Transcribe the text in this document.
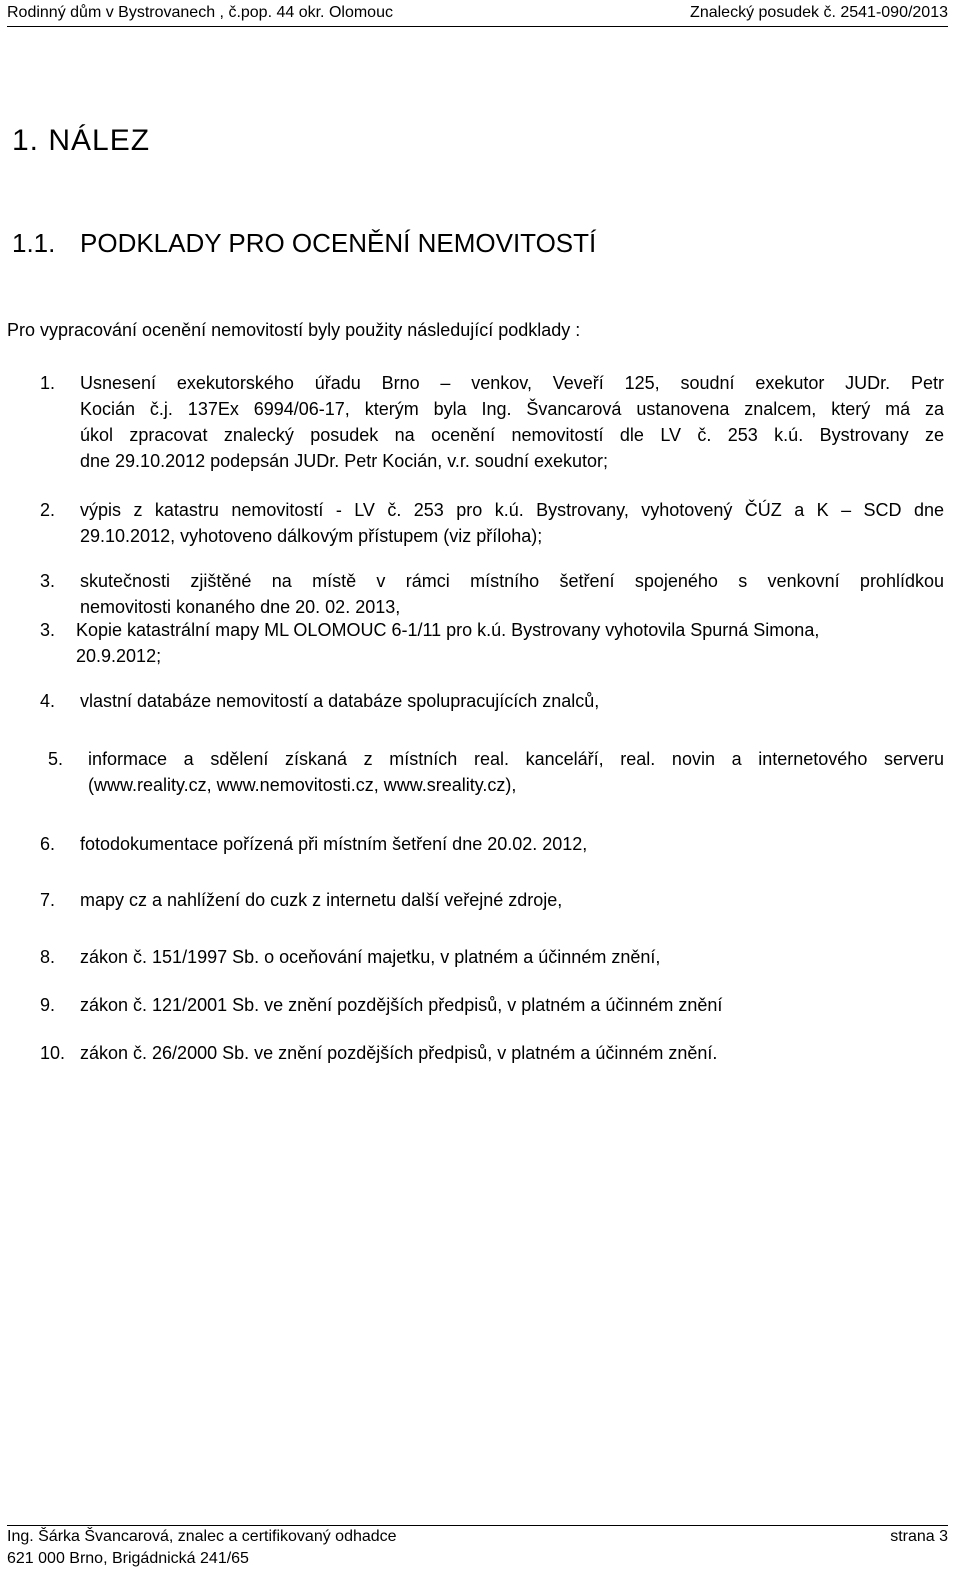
Rodinný dům v Bystrovanech , č.pop. 44 okr. Olomouc	Znalecký posudek č. 2541-090/2013
1. NÁLEZ
1.1. PODKLADY PRO OCENĚNÍ NEMOVITOSTÍ
Pro vypracování ocenění nemovitostí byly použity následující podklady :
1. Usnesení exekutorského úřadu Brno – venkov, Veveří 125, soudní exekutor JUDr. Petr
Kocián č.j. 137Ex 6994/06-17, kterým byla Ing. Švancarová ustanovena znalcem, který má za
úkol zpracovat znalecký posudek na ocenění nemovitostí dle LV č. 253 k.ú. Bystrovany ze
dne 29.10.2012 podepsán JUDr. Petr Kocián, v.r. soudní exekutor;
2. výpis z katastru nemovitostí - LV č. 253 pro k.ú. Bystrovany, vyhotovený ČÚZ a K – SCD dne
29.10.2012, vyhotoveno dálkovým přístupem (viz příloha);
3. skutečnosti zjištěné na místě v rámci místního šetření spojeného s venkovní prohlídkou
nemovitosti konaného dne 20. 02. 2013,
3. Kopie katastrální mapy ML OLOMOUC 6-1/11 pro k.ú. Bystrovany vyhotovila Spurná Simona,
20.9.2012;
4. vlastní databáze nemovitostí a databáze spolupracujících znalců,
5. informace a sdělení získaná z místních real. kanceláří, real. novin a internetového serveru
(www.reality.cz, www.nemovitosti.cz, www.sreality.cz),
6. fotodokumentace pořízená při místním šetření dne 20.02. 2012,
7. mapy cz a nahlížení do cuzk z internetu další veřejné zdroje,
8. zákon č. 151/1997 Sb. o oceňování majetku, v platném a účinném znění,
9. zákon č. 121/2001 Sb. ve znění pozdějších předpisů, v platném a účinném znění
10. zákon č. 26/2000 Sb. ve znění pozdějších předpisů, v platném a účinném znění.
Ing. Šárka Švancarová, znalec a certifikovaný odhadce	strana 3
621 000 Brno, Brigádnická 241/65
